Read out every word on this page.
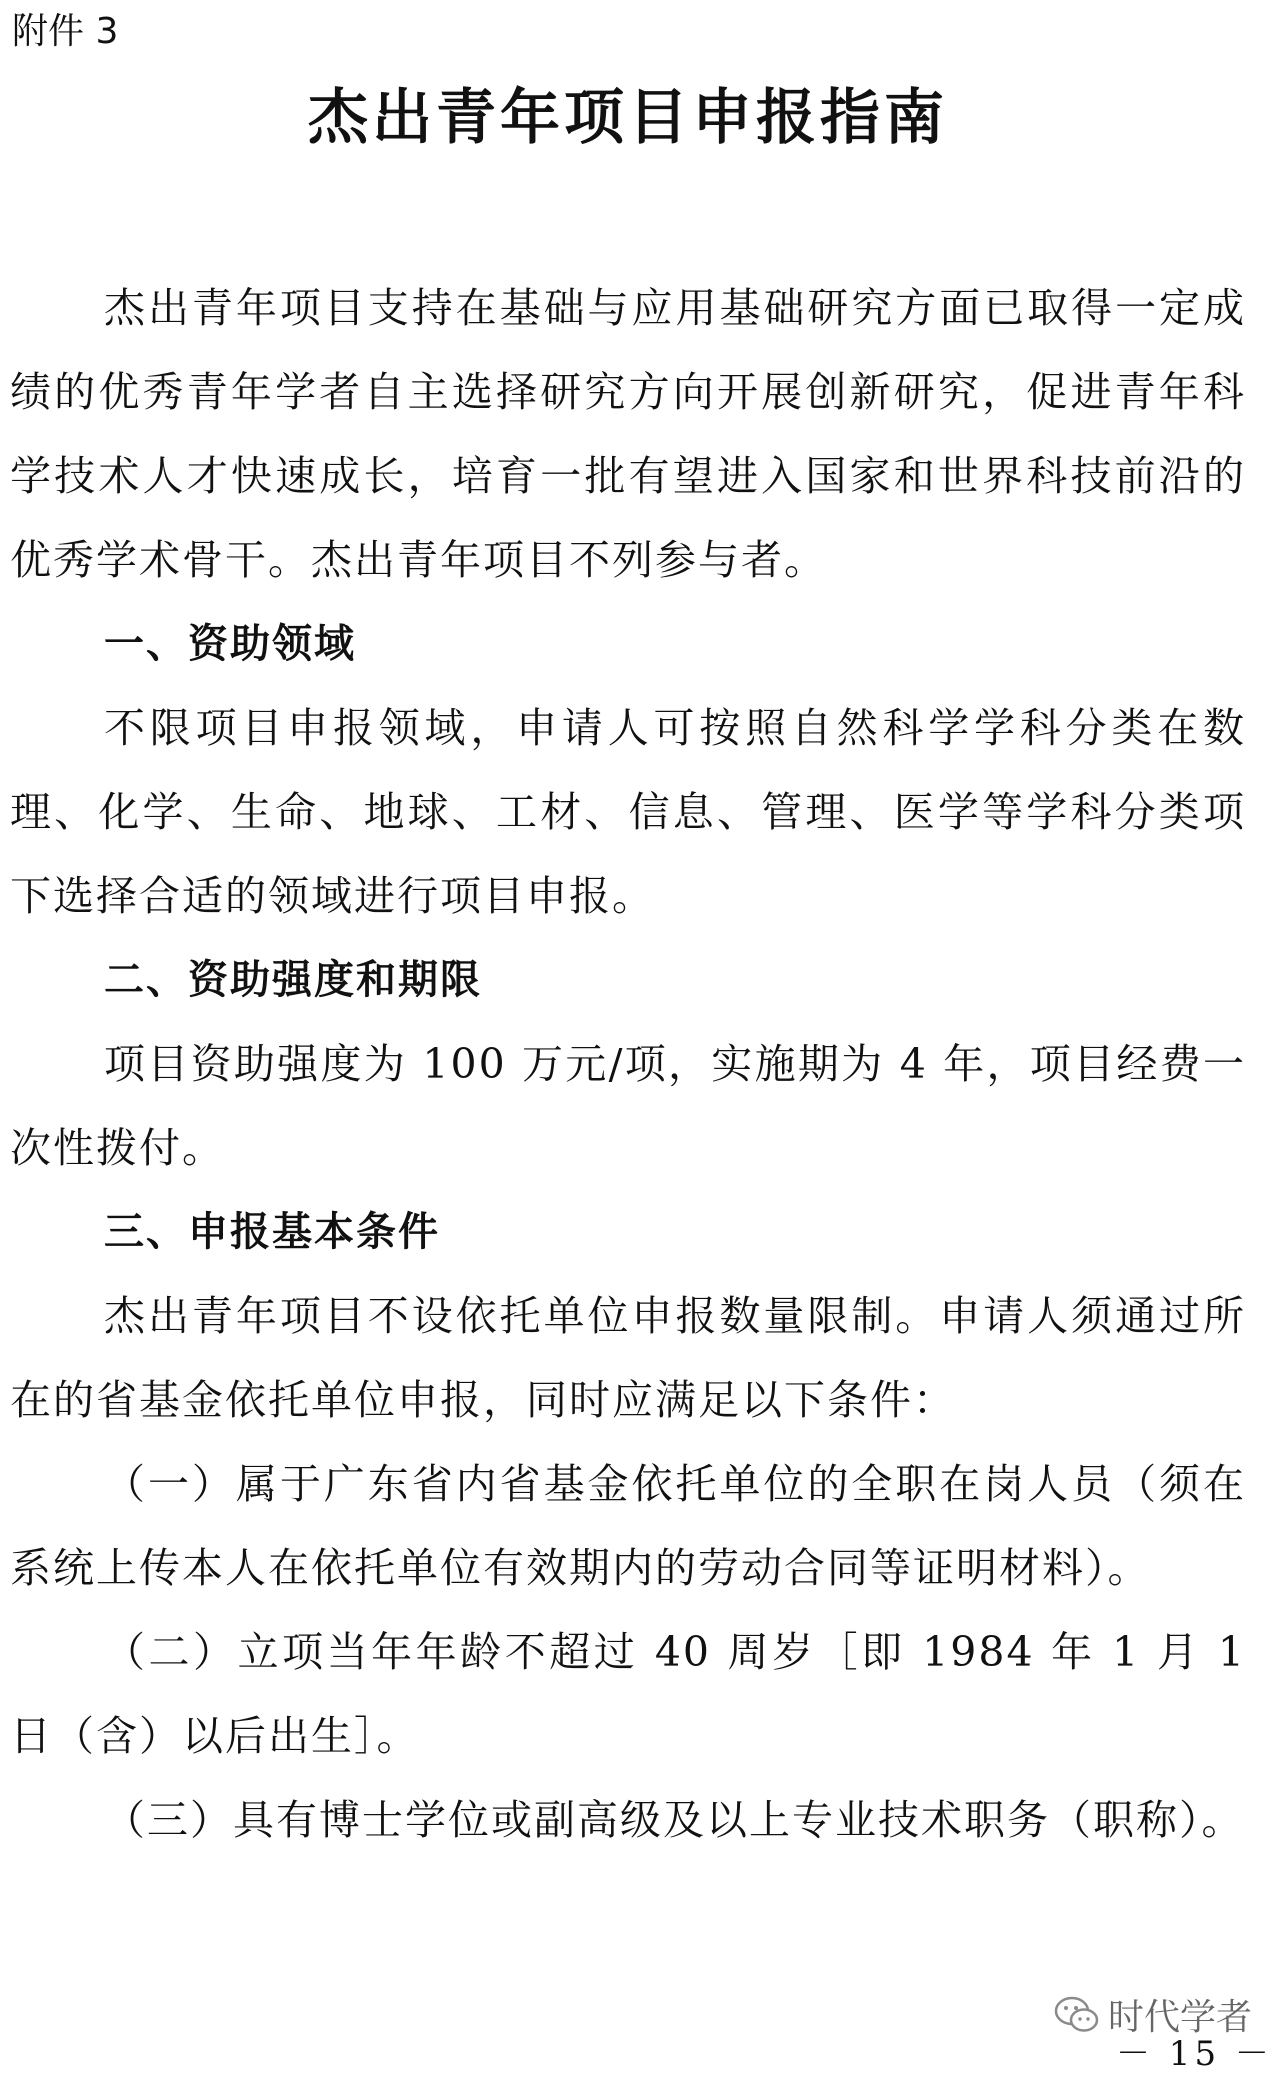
附件 3
杰出青年项目申报指南

杰出青年项目支持在基础与应用基础研究方面已取得一定成绩的优秀青年学者自主选择研究方向开展创新研究，促进青年科学技术人才快速成长，培育一批有望进入国家和世界科技前沿的优秀学术骨干。杰出青年项目不列参与者。

一、资助领域

不限项目申报领域，申请人可按照自然科学学科分类在数理、化学、生命、地球、工材、信息、管理、医学等学科分类项下选择合适的领域进行项目申报。

二、资助强度和期限

项目资助强度为 100 万元/项，实施期为 4 年，项目经费一次性拨付。

三、申报基本条件

杰出青年项目不设依托单位申报数量限制。申请人须通过所在的省基金依托单位申报，同时应满足以下条件：

（一）属于广东省内省基金依托单位的全职在岗人员（须在系统上传本人在依托单位有效期内的劳动合同等证明材料）。

（二）立项当年年龄不超过 40 周岁［即 1984 年 1 月 1 日（含）以后出生］。

（三）具有博士学位或副高级及以上专业技术职务（职称）。

时代学者
－ 15 －
